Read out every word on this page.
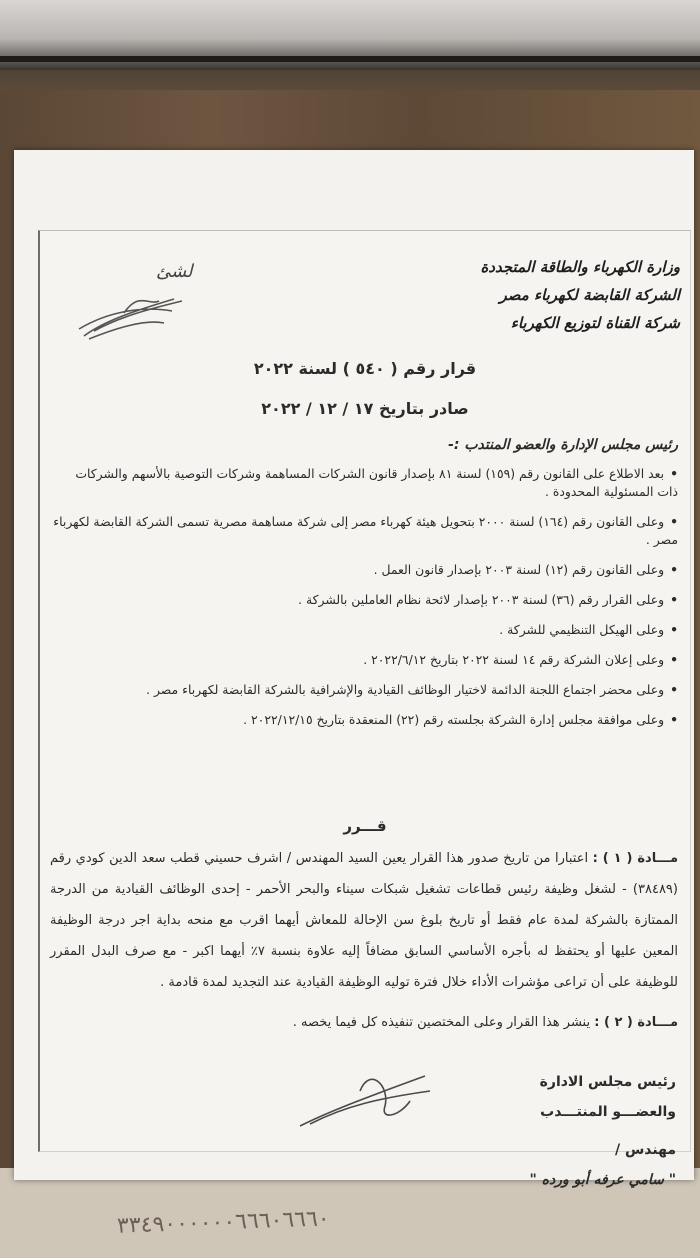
٣٣٤٩٠٠٠٠٠٠٦٦٦٠٦٦٦٠
لشئ	وزارة الكهرباء والطاقة المتجددة
الشركة القابضة لكهرباء مصر
شركة القناة لتوزيع الكهرباء
قرار رقم ( ٥٤٠ ) لسنة ٢٠٢٢
صادر بتاريخ ١٧ / ١٢ / ٢٠٢٢
رئيس مجلس الإدارة والعضو المنتدب :-
•بعد الاطلاع على القانون رقم (١٥٩) لسنة ٨١ بإصدار قانون الشركات المساهمة وشركات التوصية بالأسهم والشركات ذات المسئولية المحدودة .
•وعلى القانون رقم (١٦٤) لسنة ٢٠٠٠ بتحويل هيئة كهرباء مصر إلى شركة مساهمة مصرية تسمى الشركة القابضة لكهرباء مصر .
•وعلى القانون رقم (١٢) لسنة ٢٠٠٣ بإصدار قانون العمل .
•وعلى القرار رقم (٣٦) لسنة ٢٠٠٣ بإصدار لائحة نظام العاملين بالشركة .
•وعلى الهيكل التنظيمي للشركة .
•وعلى إعلان الشركة رقم ١٤ لسنة ٢٠٢٢ بتاريخ ٢٠٢٢/٦/١٢ .
•وعلى محضر اجتماع اللجنة الدائمة لاختيار الوظائف القيادية والإشرافية بالشركة القابضة لكهرباء مصر .
•وعلى موافقة مجلس إدارة الشركة بجلسته رقم (٢٢) المنعقدة بتاريخ ٢٠٢٢/١٢/١٥ .
قـــرر
مـــادة ( ١ ) : اعتبارا من تاريخ صدور هذا القرار يعين السيد المهندس / اشرف حسيني قطب سعد الدين كودي رقم (٣٨٤٨٩) - لشغل وظيفة رئيس قطاعات تشغيل شبكات سيناء والبحر الأحمر - إحدى الوظائف القيادية من الدرجة الممتازة بالشركة لمدة عام فقط أو تاريخ بلوغ سن الإحالة للمعاش أيهما اقرب مع منحه بداية اجر درجة الوظيفة المعين عليها أو يحتفظ له بأجره الأساسي السابق مضافاً إليه علاوة بنسبة ٧٪ أيهما اكبر - مع صرف البدل المقرر للوظيفة على أن تراعى مؤشرات الأداء خلال فترة توليه الوظيفة القيادية عند التجديد لمدة قادمة .
مـــادة ( ٢ ) : ينشر هذا القرار وعلى المختصين تنفيذه كل فيما يخصه .
رئيس مجلس الادارة
والعضـــو المنتـــدب
مهندس /
" سامي عرفه أبو ورده "
